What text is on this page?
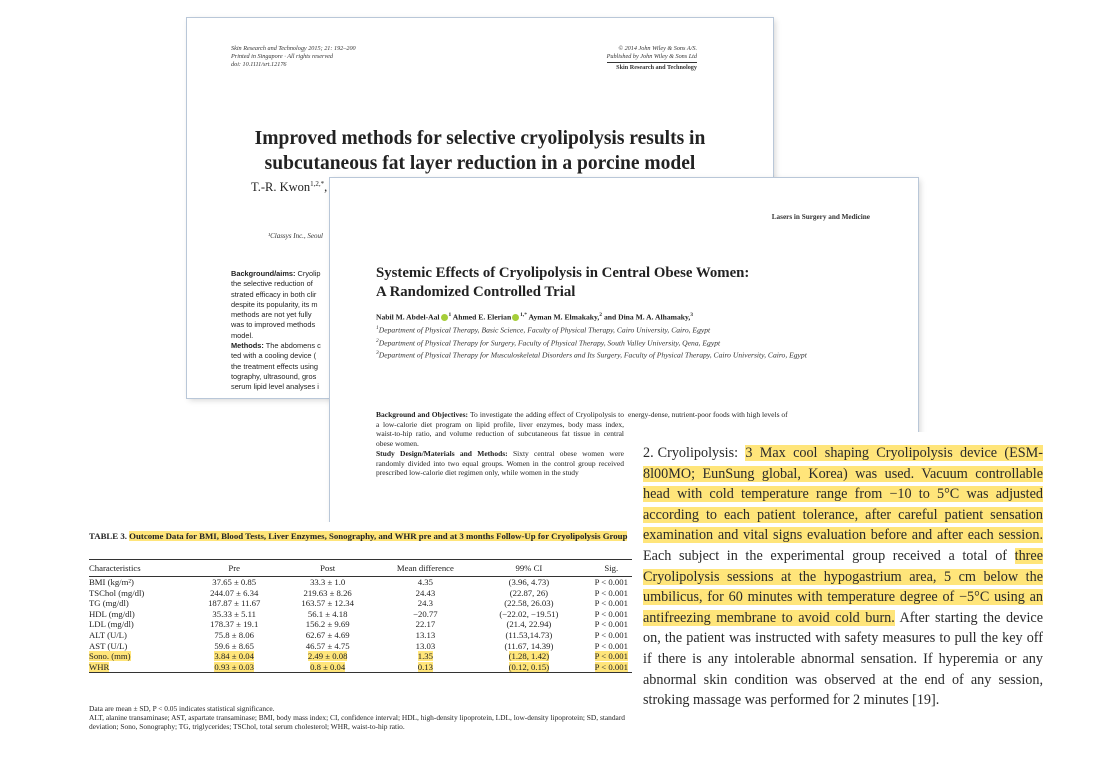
Skin Research and Technology 2015; 21: 192–200
Printed in Singapore · All rights reserved
doi: 10.1111/srt.12176
© 2014 John Wiley & Sons A/S.
Published by John Wiley & Sons Ltd
Skin Research and Technology
Improved methods for selective cryolipolysis results in
subcutaneous fat layer reduction in a porcine model
T.-R. Kwon$^{1,2,*}$,
¹Classys Inc., Seoul
Background/aims: Cryolip
the selective reduction of
strated efficacy in both clir
despite its popularity, its m
methods are not yet fully
was to improved methods
model.
Methods: The abdomens c
ted with a cooling device (
the treatment effects using
tography, ultrasound, gros
serum lipid level analyses i
Lasers in Surgery and Medicine
Systemic Effects of Cryolipolysis in Central Obese Women:
A Randomized Controlled Trial
Nabil M. Abdel-Aal $^1$ Ahmed E. Elerian $^{1,*}$ Ayman M. Elmakaky,$^2$ and Dina M. A. Alhamaky,$^3$
$^1$Department of Physical Therapy, Basic Science, Faculty of Physical Therapy, Cairo University, Cairo, Egypt
$^2$Department of Physical Therapy for Surgery, Faculty of Physical Therapy, South Valley University, Qena, Egypt
$^3$Department of Physical Therapy for Musculoskeletal Disorders and Its Surgery, Faculty of Physical Therapy, Cairo University, Cairo, Egypt
Background and Objectives: To investigate the adding effect of Cryolipolysis to a low-calorie diet program on lipid profile, liver enzymes, body mass index, waist-to-hip ratio, and volume reduction of subcutaneous fat tissue in central obese women.
Study Design/Materials and Methods: Sixty central obese women were randomly divided into two equal groups. Women in the control group received prescribed low-calorie diet regimen only, while women in the study
energy-dense, nutrient-poor foods with high levels of
TABLE 3. Outcome Data for BMI, Blood Tests, Liver Enzymes, Sonography, and WHR pre and at 3 months Follow-Up for Cryolipolysis Group
Characteristics	Pre	Post	Mean difference	99% CI	Sig.
BMI (kg/m²)	37.65 ± 0.85	33.3 ± 1.0	4.35	(3.96, 4.73)	P < 0.001
TSChol (mg/dl)	244.07 ± 6.34	219.63 ± 8.26	24.43	(22.87, 26)	P < 0.001
TG (mg/dl)	187.87 ± 11.67	163.57 ± 12.34	24.3	(22.58, 26.03)	P < 0.001
HDL (mg/dl)	35.33 ± 5.11	56.1 ± 4.18	−20.77	(−22.02, −19.51)	P < 0.001
LDL (mg/dl)	178.37 ± 19.1	156.2 ± 9.69	22.17	(21.4, 22.94)	P < 0.001
ALT (U/L)	75.8 ± 8.06	62.67 ± 4.69	13.13	(11.53,14.73)	P < 0.001
AST (U/L)	59.6 ± 8.65	46.57 ± 4.75	13.03	(11.67, 14.39)	P < 0.001
Sono. (mm)	3.84 ± 0.04	2.49 ± 0.08	1.35	(1.28, 1.42)	P < 0.001
WHR	0.93 ± 0.03	0.8 ± 0.04	0.13	(0.12, 0.15)	P < 0.001
Data are mean ± SD, P < 0.05 indicates statistical significance.
ALT, alanine transaminase; AST, aspartate transaminase; BMI, body mass index; CI, confidence interval; HDL, high-density lipoprotein, LDL, low-density lipoprotein; SD, standard deviation; Sono, Sonography; TG, triglycerides; TSChol, total serum cholesterol; WHR, waist-to-hip ratio.
2. Cryolipolysis: 3 Max cool shaping Cryolipolysis device (ESM-8l00MO; EunSung global, Korea) was used. Vacuum controllable head with cold temperature range from −10 to 5°C was adjusted according to each patient tolerance, after careful patient sensation examination and vital signs evaluation before and after each session. Each subject in the experimental group received a total of three Cryolipolysis sessions at the hypogastrium area, 5 cm below the umbilicus, for 60 minutes with temperature degree of −5°C using an antifreezing membrane to avoid cold burn. After starting the device on, the patient was instructed with safety measures to pull the key off if there is any intolerable abnormal sensation. If hyperemia or any abnormal skin condition was observed at the end of any session, stroking massage was performed for 2 minutes [19].
